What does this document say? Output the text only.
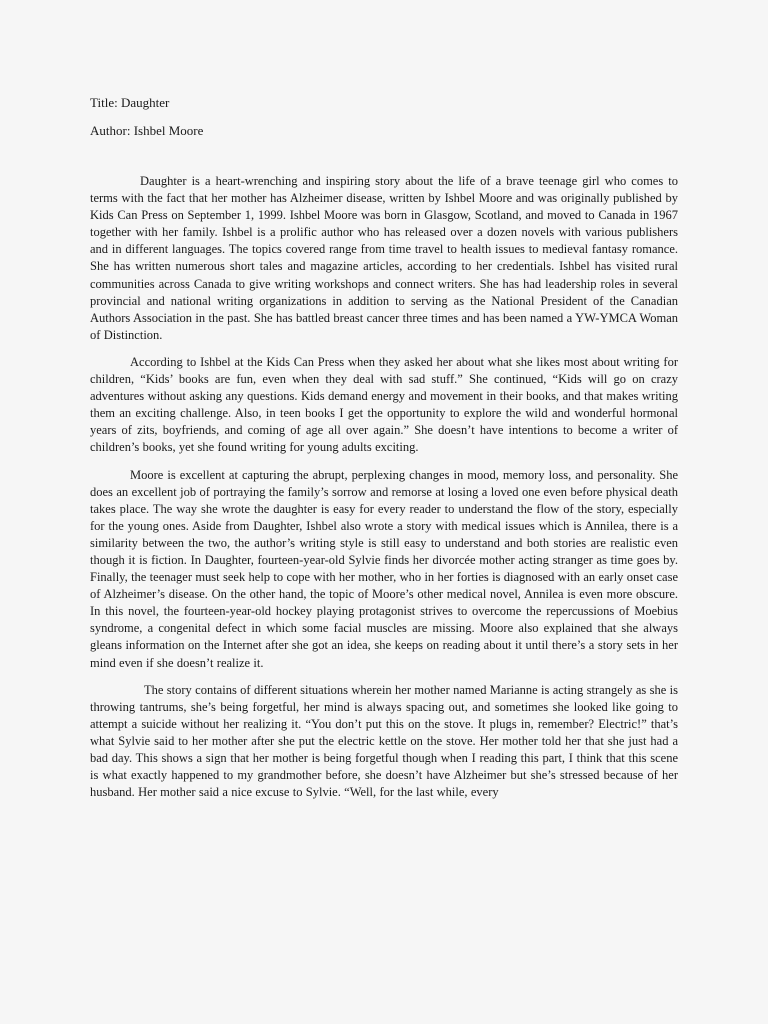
Title: Daughter

Author: Ishbel Moore

Daughter is a heart-wrenching and inspiring story about the life of a brave teenage girl who comes to terms with the fact that her mother has Alzheimer disease, written by Ishbel Moore and was originally published by Kids Can Press on September 1, 1999. Ishbel Moore was born in Glasgow, Scotland, and moved to Canada in 1967 together with her family. Ishbel is a prolific author who has released over a dozen novels with various publishers and in different languages. The topics covered range from time travel to health issues to medieval fantasy romance. She has written numerous short tales and magazine articles, according to her credentials. Ishbel has visited rural communities across Canada to give writing workshops and connect writers. She has had leadership roles in several provincial and national writing organizations in addition to serving as the National President of the Canadian Authors Association in the past. She has battled breast cancer three times and has been named a YW-YMCA Woman of Distinction.

According to Ishbel at the Kids Can Press when they asked her about what she likes most about writing for children, “Kids’ books are fun, even when they deal with sad stuff.” She continued, “Kids will go on crazy adventures without asking any questions. Kids demand energy and movement in their books, and that makes writing them an exciting challenge. Also, in teen books I get the opportunity to explore the wild and wonderful hormonal years of zits, boyfriends, and coming of age all over again.” She doesn’t have intentions to become a writer of children’s books, yet she found writing for young adults exciting.

Moore is excellent at capturing the abrupt, perplexing changes in mood, memory loss, and personality. She does an excellent job of portraying the family’s sorrow and remorse at losing a loved one even before physical death takes place. The way she wrote the daughter is easy for every reader to understand the flow of the story, especially for the young ones. Aside from Daughter, Ishbel also wrote a story with medical issues which is Annilea, there is a similarity between the two, the author’s writing style is still easy to understand and both stories are realistic even though it is fiction. In Daughter, fourteen-year-old Sylvie finds her divorcée mother acting stranger as time goes by. Finally, the teenager must seek help to cope with her mother, who in her forties is diagnosed with an early onset case of Alzheimer’s disease. On the other hand, the topic of Moore’s other medical novel, Annilea is even more obscure. In this novel, the fourteen-year-old hockey playing protagonist strives to overcome the repercussions of Moebius syndrome, a congenital defect in which some facial muscles are missing. Moore also explained that she always gleans information on the Internet after she got an idea, she keeps on reading about it until there’s a story sets in her mind even if she doesn’t realize it.

The story contains of different situations wherein her mother named Marianne is acting strangely as she is throwing tantrums, she’s being forgetful, her mind is always spacing out, and sometimes she looked like going to attempt a suicide without her realizing it. “You don’t put this on the stove. It plugs in, remember? Electric!” that’s what Sylvie said to her mother after she put the electric kettle on the stove. Her mother told her that she just had a bad day. This shows a sign that her mother is being forgetful though when I reading this part, I think that this scene is what exactly happened to my grandmother before, she doesn’t have Alzheimer but she’s stressed because of her husband. Her mother said a nice excuse to Sylvie. “Well, for the last while, every
